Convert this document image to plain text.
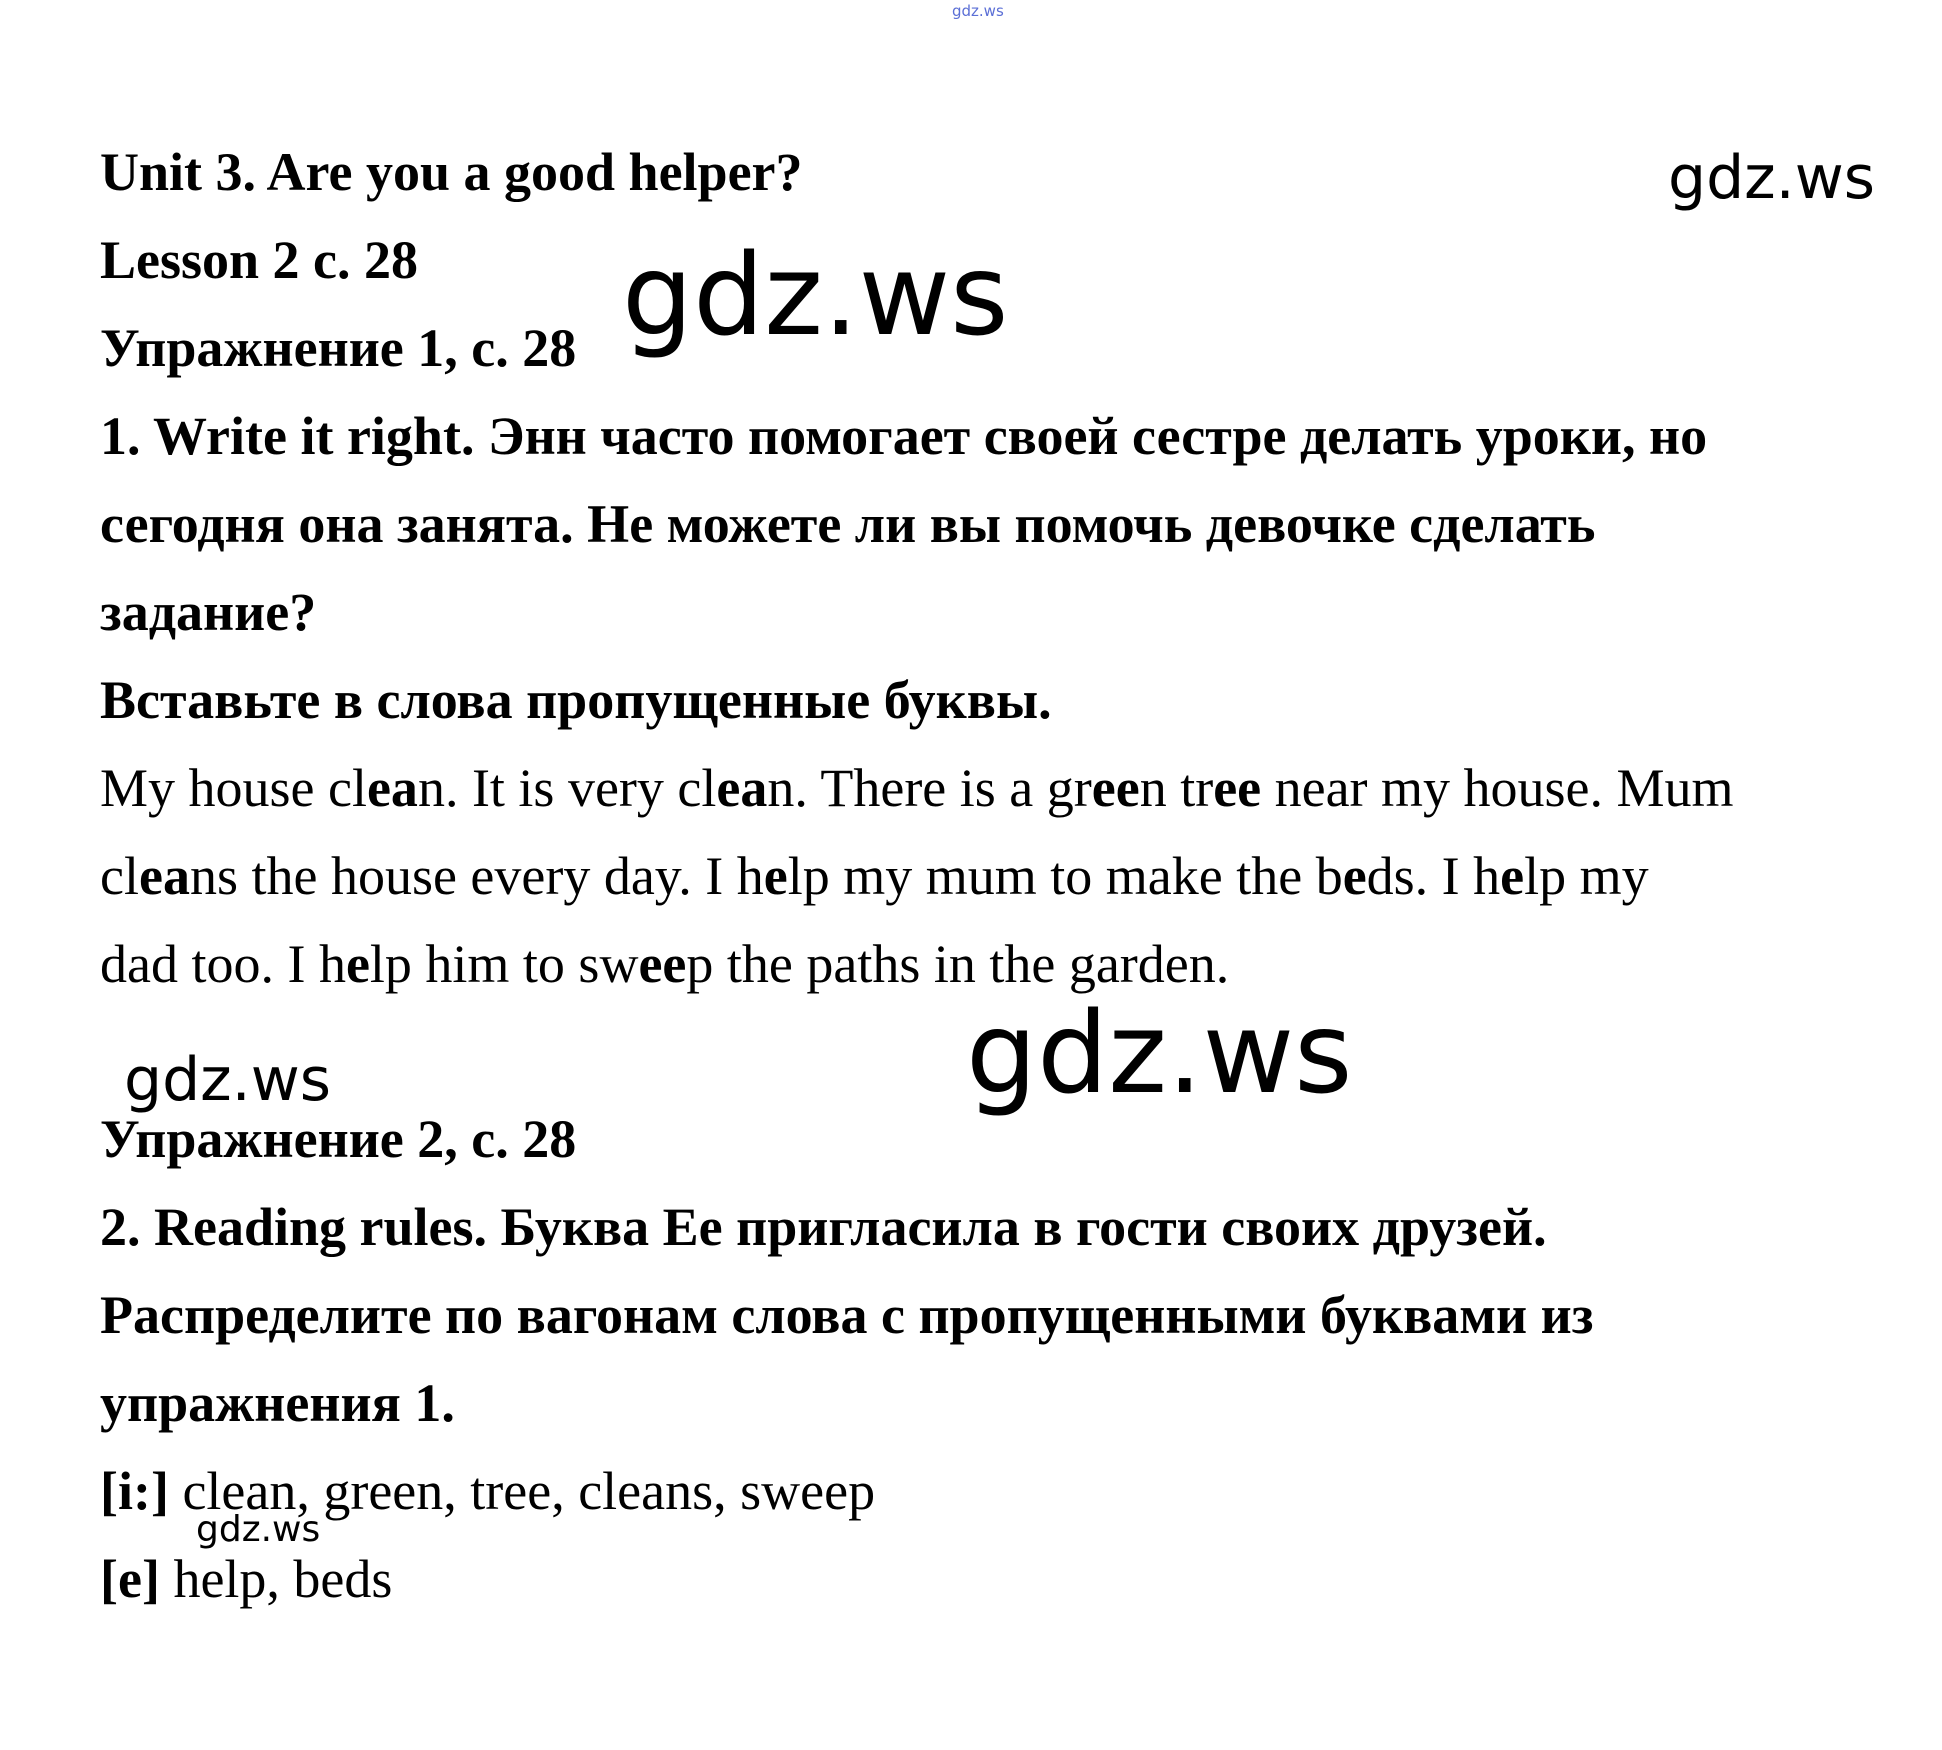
gdz.ws
gdz.ws
gdz.ws
gdz.ws
gdz.ws
gdz.ws
Unit 3. Are you a good helper?
Lesson 2 с. 28
Упражнение 1, с. 28
1. Write it right. Энн часто помогает своей сестре делать уроки, но
сегодня она занята. Не можете ли вы помочь девочке сделать
задание?
Вставьте в слова пропущенные буквы.
My house clean. It is very clean. There is a green tree near my house. Mum
cleans the house every day. I help my mum to make the beds. I help my
dad too. I help him to sweep the paths in the garden.
Упражнение 2, с. 28
2. Reading rules. Буква Ee пригласила в гости своих друзей.
Распределите по вагонам слова с пропущенными буквами из
упражнения 1.
[i:] clean, green, tree, cleans, sweep
[e] help, beds
